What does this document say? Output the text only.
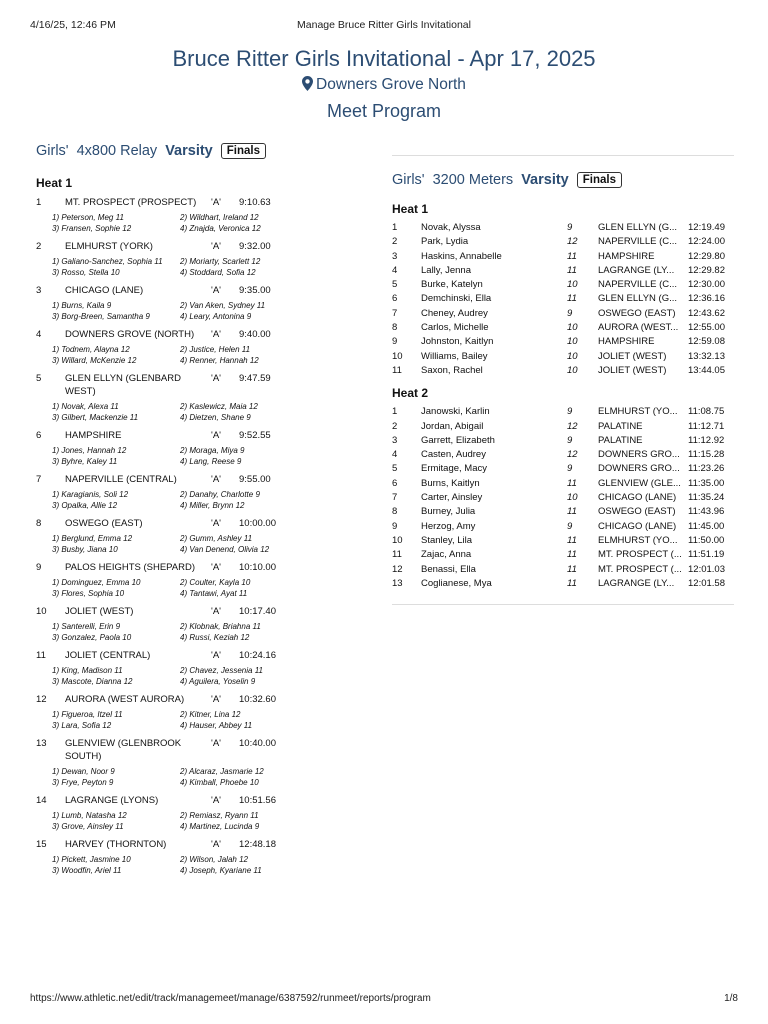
4/16/25, 12:46 PM	Manage Bruce Ritter Girls Invitational
Bruce Ritter Girls Invitational - Apr 17, 2025
Downers Grove North
Meet Program
Girls' 4x800 Relay Varsity	Finals
Heat 1
1	MT. PROSPECT (PROSPECT)	'A'	9:10.63
1) Peterson, Meg 11	2) Wildhart, Ireland 12
3) Fransen, Sophie 12	4) Znajda, Veronica 12
2	ELMHURST (YORK)	'A'	9:32.00
1) Galiano-Sanchez, Sophia 11	2) Moriarty, Scarlett 12
3) Rosso, Stella 10	4) Stoddard, Sofia 12
3	CHICAGO (LANE)	'A'	9:35.00
1) Burns, Kaila 9	2) Van Aken, Sydney 11
3) Borg-Breen, Samantha 9	4) Leary, Antonina 9
4	DOWNERS GROVE (NORTH)	'A'	9:40.00
1) Todnem, Alayna 12	2) Justice, Helen 11
3) Willard, McKenzie 12	4) Renner, Hannah 12
5	GLEN ELLYN (GLENBARD WEST)
'A'	9:47.59
1) Novak, Alexa 11	2) Kaslewicz, Maia 12
3) Gilbert, Mackenzie 11	4) Dietzen, Shane 9
6	HAMPSHIRE	'A'	9:52.55
1) Jones, Hannah 12	2) Moraga, Miya 9
3) Byhre, Kaley 11	4) Lang, Reese 9
7	NAPERVILLE (CENTRAL)	'A'	9:55.00
1) Karagianis, Soli 12	2) Danahy, Charlotte 9
3) Opalka, Allie 12	4) Miller, Brynn 12
8	OSWEGO (EAST)	'A'	10:00.00
1) Berglund, Emma 12	2) Gumm, Ashley 11
3) Busby, Jiana 10	4) Van Denend, Olivia 12
9	PALOS HEIGHTS (SHEPARD)	'A'	10:10.00
1) Dominguez, Emma 10	2) Coulter, Kayla 10
3) Flores, Sophia 10	4) Tantawi, Ayat 11
10	JOLIET (WEST)	'A'	10:17.40
1) Santerelli, Erin 9	2) Klobnak, Briahna 11
3) Gonzalez, Paola 10	4) Russi, Keziah 12
11	JOLIET (CENTRAL)	'A'	10:24.16
1) King, Madison 11	2) Chavez, Jessenia 11
3) Mascote, Dianna 12	4) Aguilera, Yoselin 9
12	AURORA (WEST AURORA)	'A'	10:32.60
1) Figueroa, Itzel 11	2) Kitner, Lina 12
3) Lara, Sofia 12	4) Hauser, Abbey 11
13	GLENVIEW (GLENBROOK SOUTH)
'A'	10:40.00
1) Dewan, Noor 9	2) Alcaraz, Jasmarie 12
3) Frye, Peyton 9	4) Kimball, Phoebe 10
14	LAGRANGE (LYONS)	'A'	10:51.56
1) Lumb, Natasha 12	2) Remiasz, Ryann 11
3) Grove, Ainsley 11	4) Martinez, Lucinda 9
15	HARVEY (THORNTON)	'A'	12:48.18
1) Pickett, Jasmine 10	2) Wilson, Jalah 12
3) Woodfin, Ariel 11	4) Joseph, Kyariane 11
Girls' 3200 Meters Varsity	Finals
Heat 1
1	Novak, Alyssa	9	GLEN ELLYN (G...	12:19.49
2	Park, Lydia	12	NAPERVILLE (C...	12:24.00
3	Haskins, Annabelle	11	HAMPSHIRE	12:29.80
4	Lally, Jenna	11	LAGRANGE (LY...	12:29.82
5	Burke, Katelyn	10	NAPERVILLE (C...	12:30.00
6	Demchinski, Ella	11	GLEN ELLYN (G...	12:36.16
7	Cheney, Audrey	9	OSWEGO (EAST)	12:43.62
8	Carlos, Michelle	10	AURORA (WEST...	12:55.00
9	Johnston, Kaitlyn	10	HAMPSHIRE	12:59.08
10	Williams, Bailey	10	JOLIET (WEST)	13:32.13
11	Saxon, Rachel	10	JOLIET (WEST)	13:44.05
Heat 2
1	Janowski, Karlin	9	ELMHURST (YO...	11:08.75
2	Jordan, Abigail	12	PALATINE	11:12.71
3	Garrett, Elizabeth	9	PALATINE	11:12.92
4	Casten, Audrey	12	DOWNERS GRO... 11:15.28
5	Ermitage, Macy	9	DOWNERS GRO... 11:23.26
6	Burns, Kaitlyn	11	GLENVIEW (GLE... 11:35.00
7	Carter, Ainsley	10	CHICAGO (LANE)	11:35.24
8	Burney, Julia	11	OSWEGO (EAST)	11:43.96
9	Herzog, Amy	9	CHICAGO (LANE)	11:45.00
10	Stanley, Lila	11	ELMHURST (YO...	11:50.00
11	Zajac, Anna	11	MT. PROSPECT (... 11:51.19
12	Benassi, Ella	11	MT. PROSPECT (... 12:01.03
13	Coglianese, Mya	11	LAGRANGE (LY...	12:01.58
https://www.athletic.net/edit/track/managemeet/manage/6387592/runmeet/reports/program	1/8
